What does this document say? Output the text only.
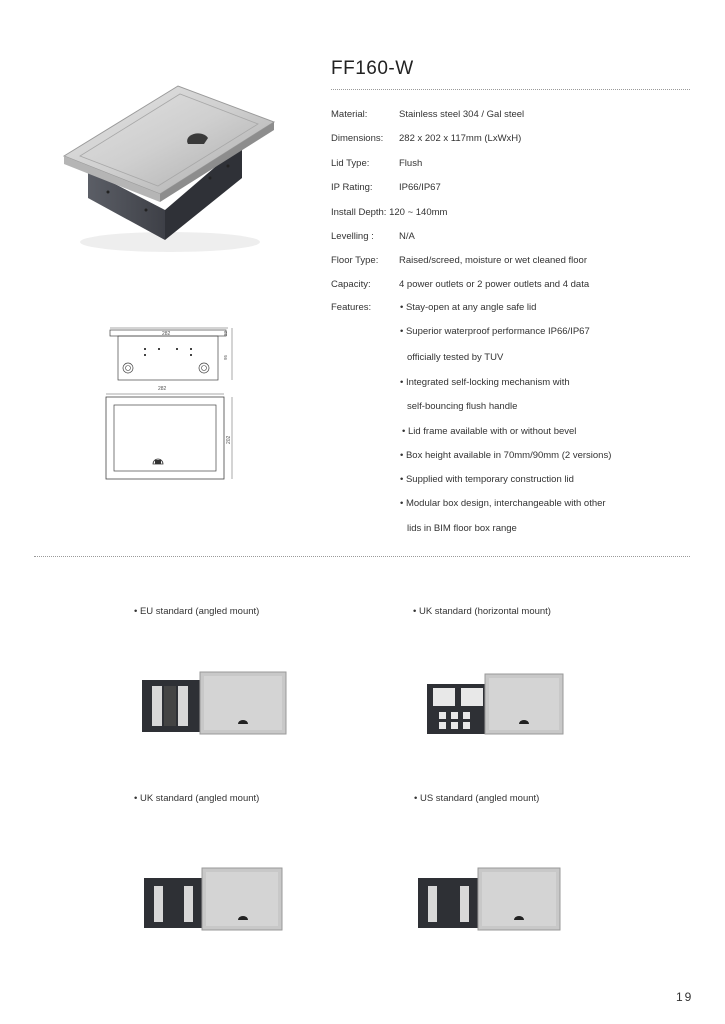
282	22
95
282
202
FF160-W
Material:	Stainless steel 304 / Gal steel
Dimensions: 282 x 202 x 117mm (LxWxH)
Lid Type:	Flush
IP Rating:	IP66/IP67
Install Depth: 120 ~ 140mm
Levelling :	N/A
Floor Type: Raised/screed, moisture or wet cleaned floor
Capacity:	4 power outlets or 2 power outlets and 4 data
Features:	• Stay-open at any angle safe lid
• Superior waterproof performance IP66/IP67
officially tested by TUV
• Integrated self-locking mechanism with
self-bouncing flush handle
• Lid frame available with or without bevel
• Box height available in 70mm/90mm (2 versions)
• Supplied with temporary construction lid
• Modular box design, interchangeable with other
lids in BIM floor box range
• EU standard (angled mount)	• UK standard (horizontal mount)
• UK standard (angled mount)	• US standard (angled mount)
19
